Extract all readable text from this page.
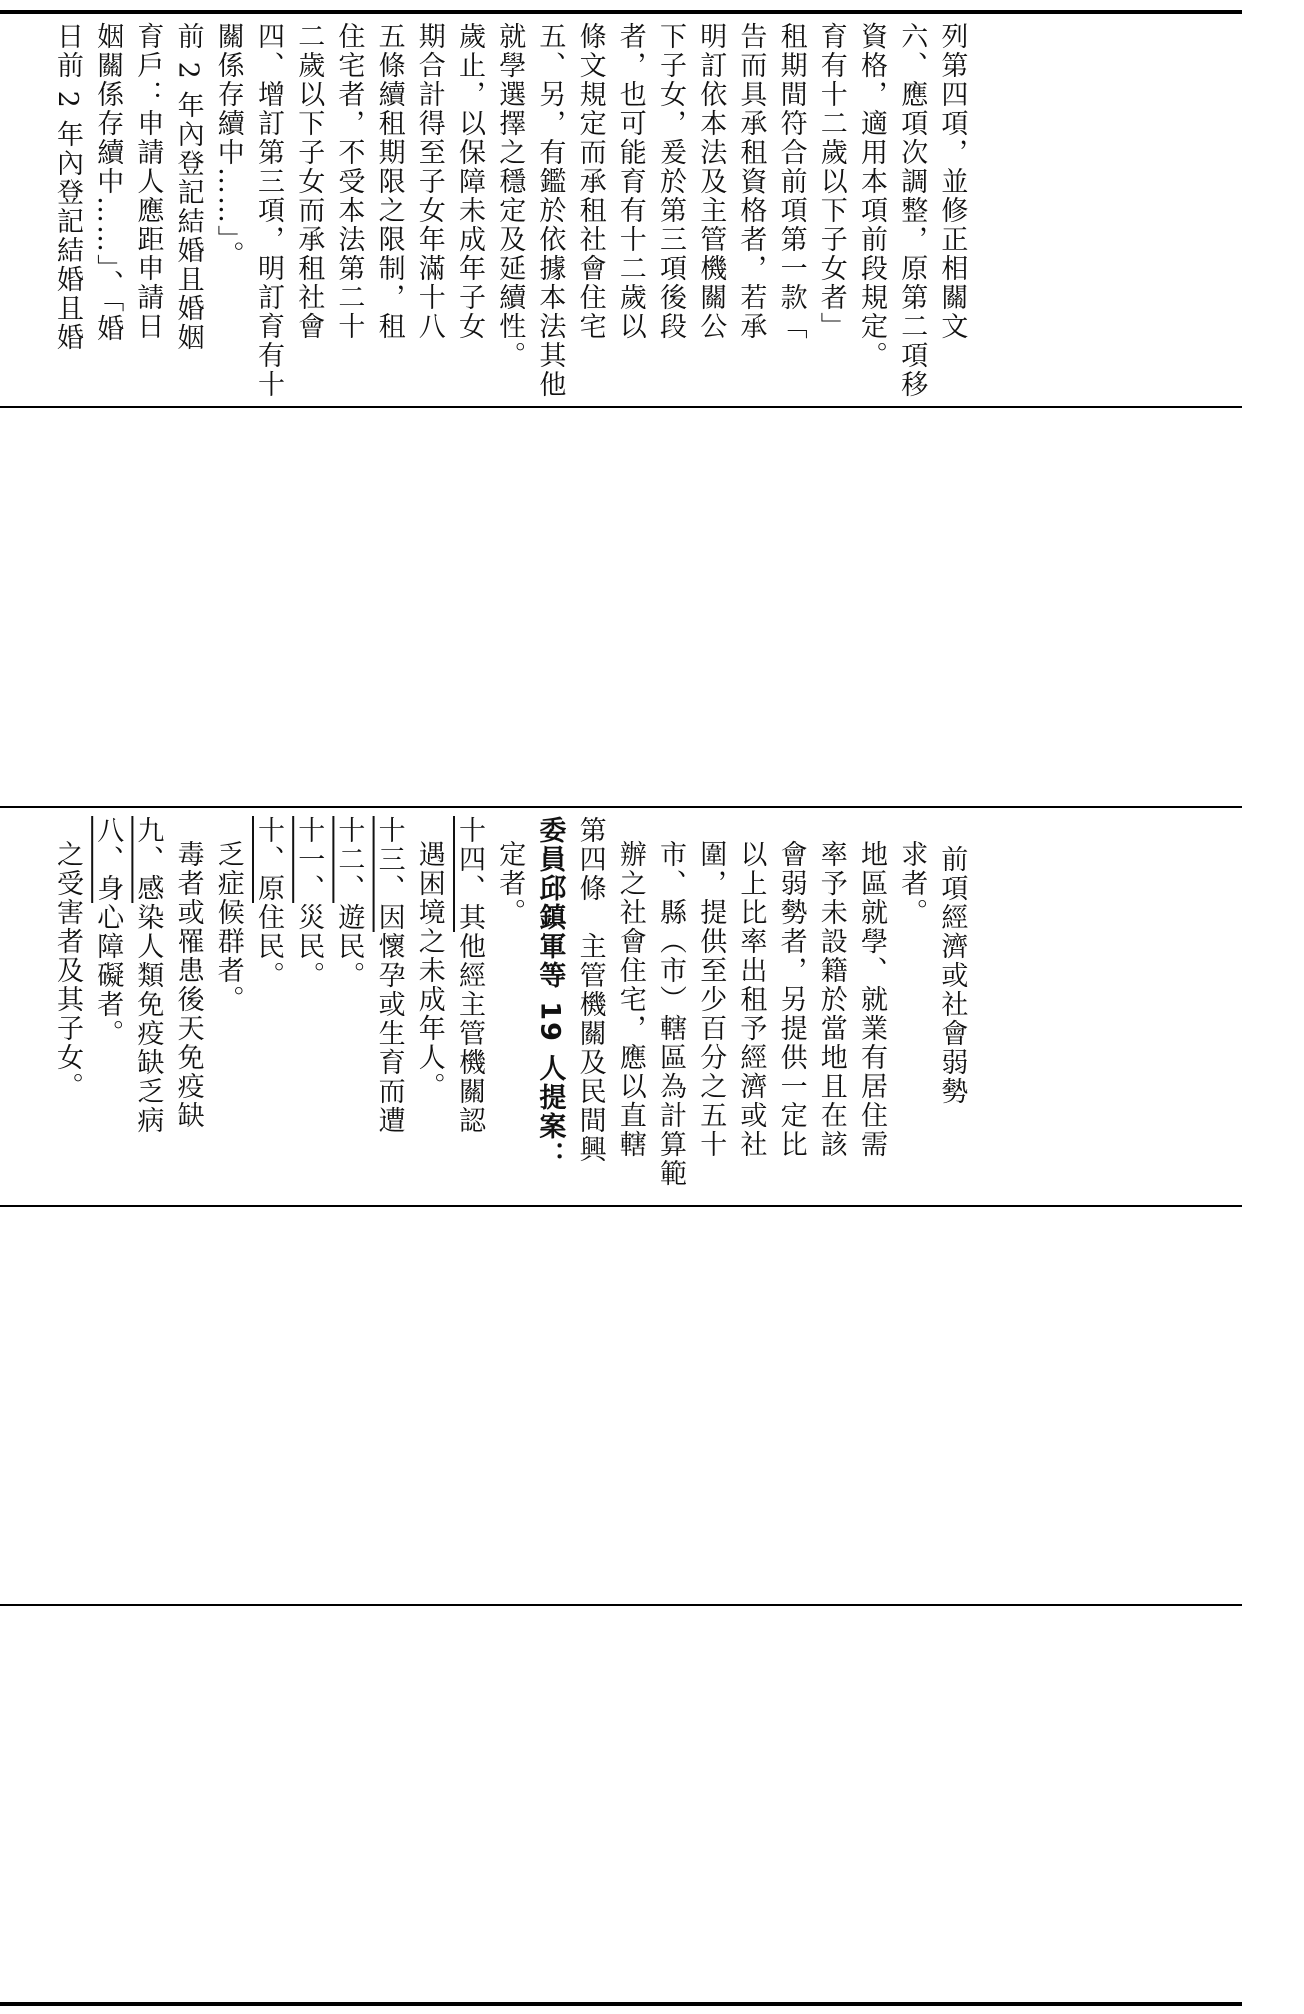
日前 2 年內登記結婚且婚 姻關係存續中……」、「婚 育戶：申請人應距申請日 前 2 年內登記結婚且婚姻 關係存續中……」。 四、增訂第三項，明訂育有十 二歲以下子女而承租社會 住宅者，不受本法第二十 五條續租期限之限制，租 期合計得至子女年滿十八 歲止，以保障未成年子女 就學選擇之穩定及延續性。 五、另，有鑑於依據本法其他 條文規定而承租社會住宅 者，也可能育有十二歲以 下子女，爰於第三項後段 明訂依本法及主管機關公 告而具承租資格者，若承 租期間符合前項第一款「 育有十二歲以下子女者」 資格，適用本項前段規定。 六、應項次調整，原第二項移 列第四項，並修正相關文
之受害者及其子女。 八、身心障礙者。
九、感染人類免疫缺乏病 毒者或罹患後天免疫缺 乏症候群者。 十、原住民。
十一、災民。
十二、遊民。
十三、因懷孕或生育而遭 遇困境之未成年人。 十四、其他經主管機關認
定者。 委員邱鎮軍等 19 人提案： 第四條　主管機關及民間興 辦之社會住宅，應以直轄 市、縣（市）轄區為計算範 圍，提供至少百分之五十 以上比率出租予經濟或社 會弱勢者，另提供一定比 率予未設籍於當地且在該 地區就學、就業有居住需 求者。 　前項經濟或社會弱勢
